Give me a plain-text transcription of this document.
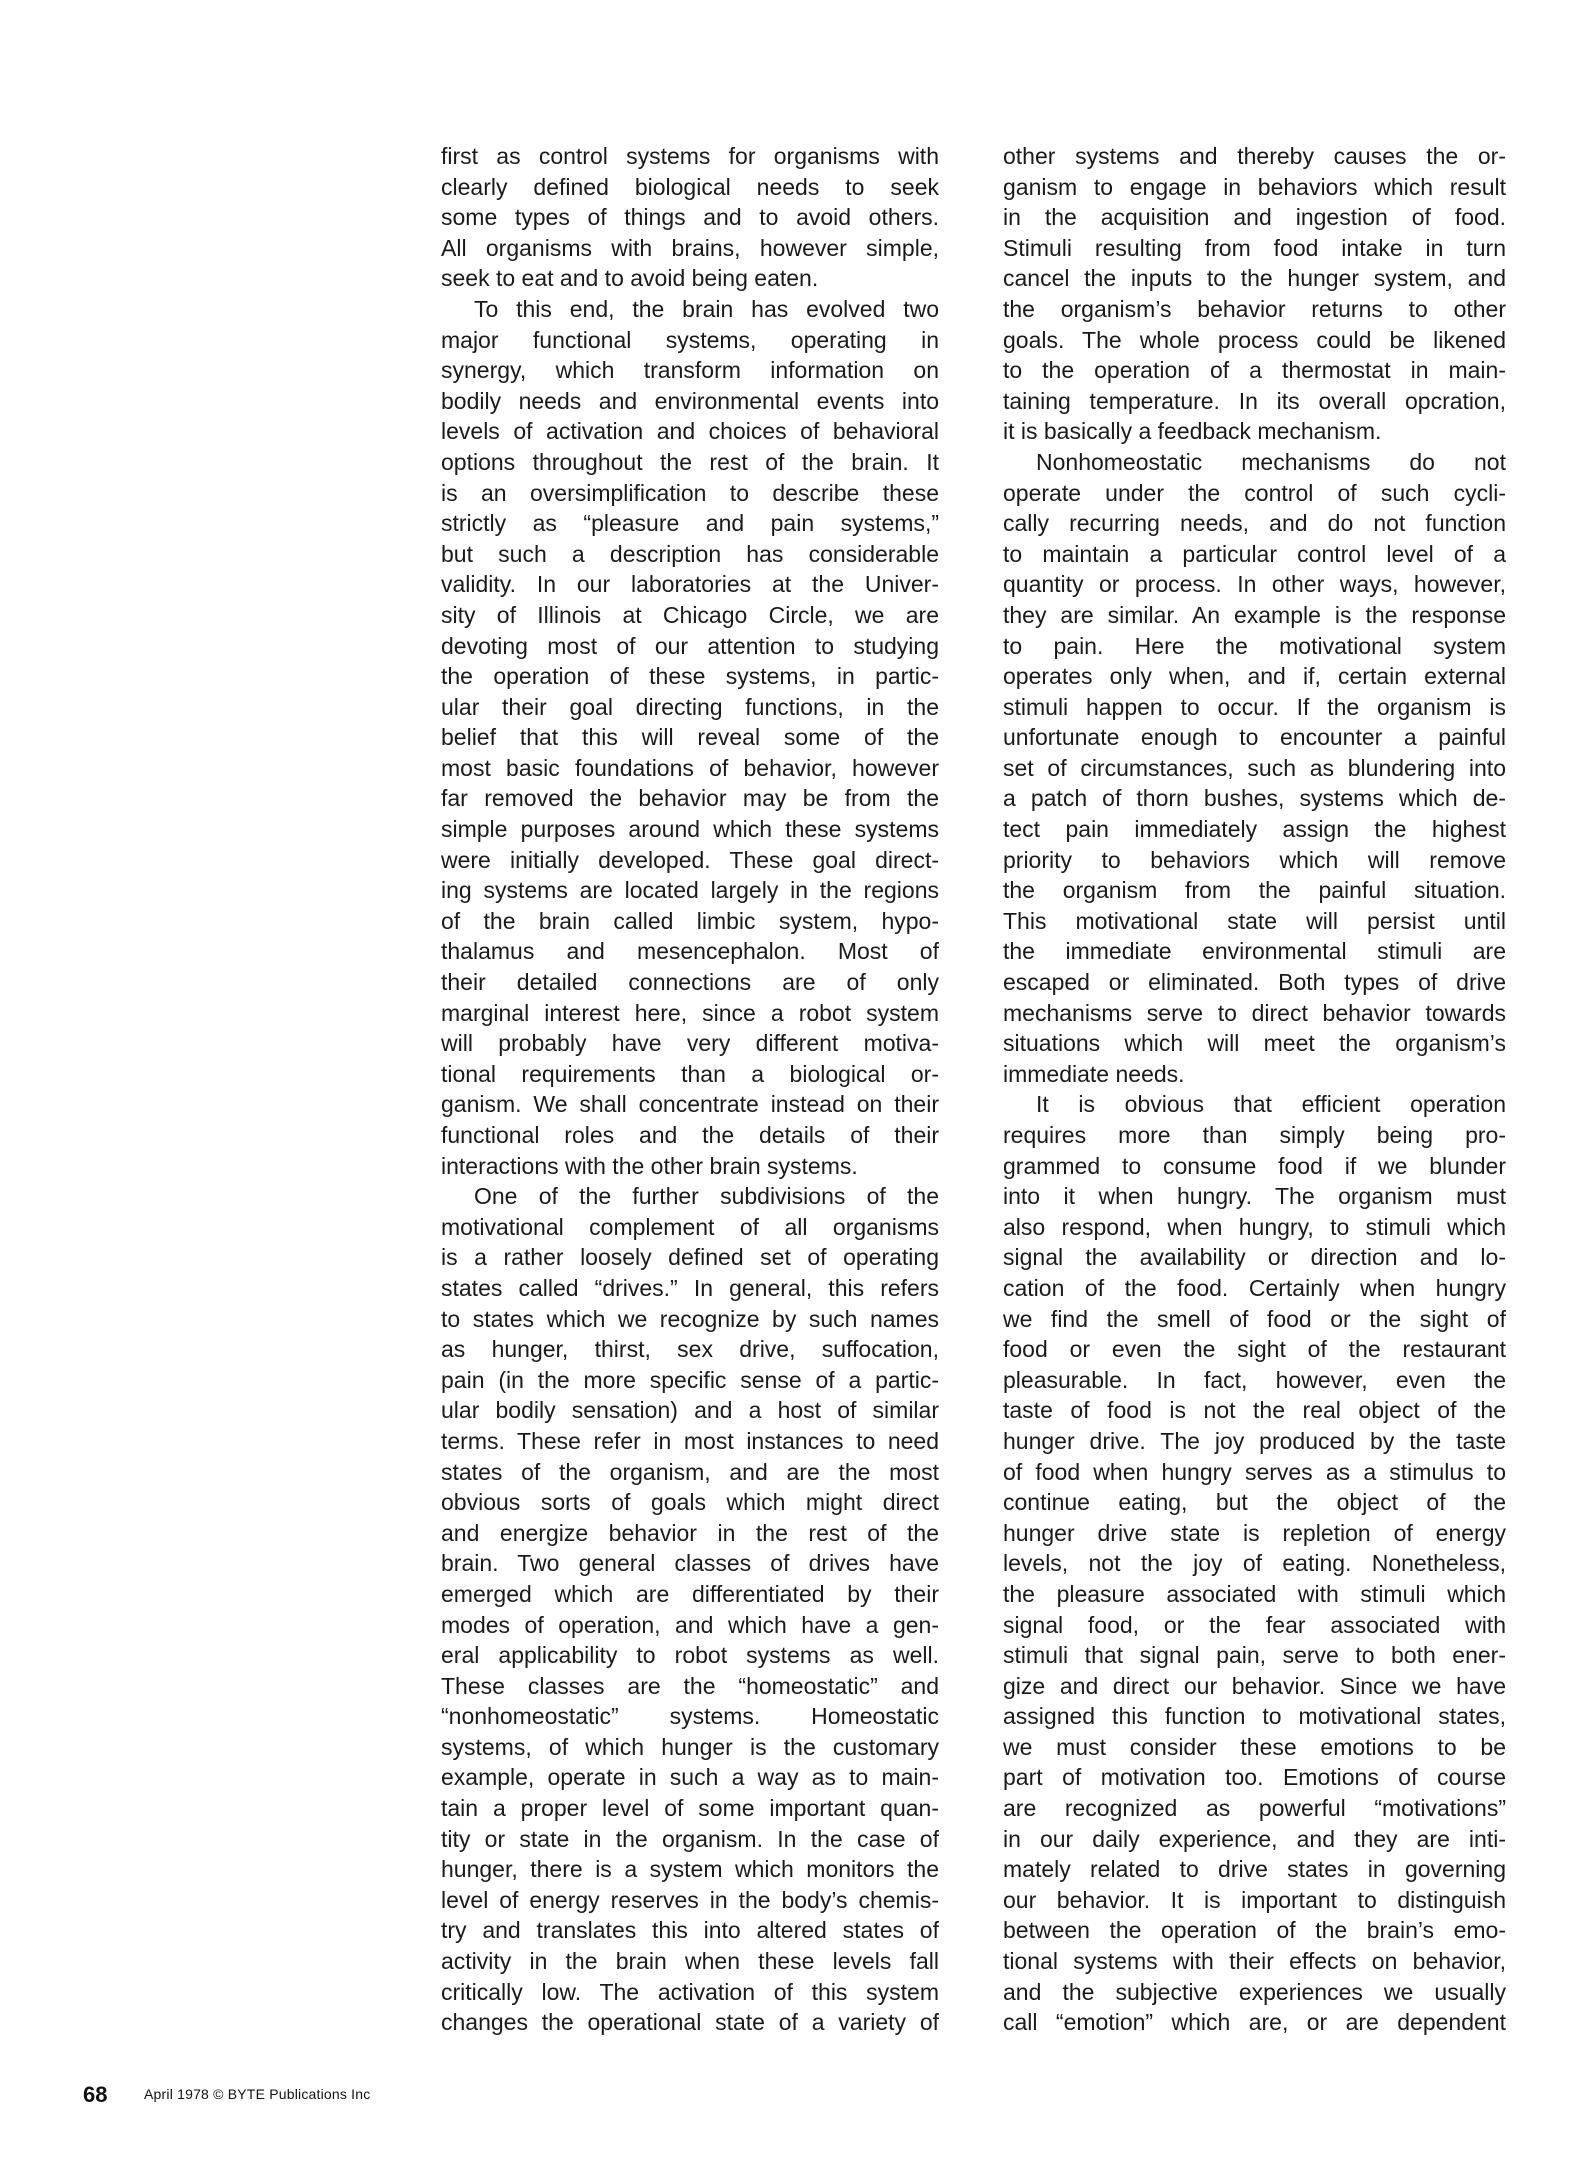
first as control systems for organisms with
clearly defined biological needs to seek
some types of things and to avoid others.
All organisms with brains, however simple,
seek to eat and to avoid being eaten.
To this end, the brain has evolved two
major functional systems, operating in
synergy, which transform information on
bodily needs and environmental events into
levels of activation and choices of behavioral
options throughout the rest of the brain. It
is an oversimplification to describe these
strictly as “pleasure and pain systems,”
but such a description has considerable
validity. In our laboratories at the Univer-
sity of Illinois at Chicago Circle, we are
devoting most of our attention to studying
the operation of these systems, in partic-
ular their goal directing functions, in the
belief that this will reveal some of the
most basic foundations of behavior, however
far removed the behavior may be from the
simple purposes around which these systems
were initially developed. These goal direct-
ing systems are located largely in the regions
of the brain called limbic system, hypo-
thalamus and mesencephalon. Most of
their detailed connections are of only
marginal interest here, since a robot system
will probably have very different motiva-
tional requirements than a biological or-
ganism. We shall concentrate instead on their
functional roles and the details of their
interactions with the other brain systems.
One of the further subdivisions of the
motivational complement of all organisms
is a rather loosely defined set of operating
states called “drives.” In general, this refers
to states which we recognize by such names
as hunger, thirst, sex drive, suffocation,
pain (in the more specific sense of a partic-
ular bodily sensation) and a host of similar
terms. These refer in most instances to need
states of the organism, and are the most
obvious sorts of goals which might direct
and energize behavior in the rest of the
brain. Two general classes of drives have
emerged which are differentiated by their
modes of operation, and which have a gen-
eral applicability to robot systems as well.
These classes are the “homeostatic” and
“nonhomeostatic” systems. Homeostatic
systems, of which hunger is the customary
example, operate in such a way as to main-
tain a proper level of some important quan-
tity or state in the organism. In the case of
hunger, there is a system which monitors the
level of energy reserves in the body’s chemis-
try and translates this into altered states of
activity in the brain when these levels fall
critically low. The activation of this system
changes the operational state of a variety of
other systems and thereby causes the or-
ganism to engage in behaviors which result
in the acquisition and ingestion of food.
Stimuli resulting from food intake in turn
cancel the inputs to the hunger system, and
the organism’s behavior returns to other
goals. The whole process could be likened
to the operation of a thermostat in main-
taining temperature. In its overall opcration,
it is basically a feedback mechanism.
Nonhomeostatic mechanisms do not
operate under the control of such cycli-
cally recurring needs, and do not function
to maintain a particular control level of a
quantity or process. In other ways, however,
they are similar. An example is the response
to pain. Here the motivational system
operates only when, and if, certain external
stimuli happen to occur. If the organism is
unfortunate enough to encounter a painful
set of circumstances, such as blundering into
a patch of thorn bushes, systems which de-
tect pain immediately assign the highest
priority to behaviors which will remove
the organism from the painful situation.
This motivational state will persist until
the immediate environmental stimuli are
escaped or eliminated. Both types of drive
mechanisms serve to direct behavior towards
situations which will meet the organism’s
immediate needs.
It is obvious that efficient operation
requires more than simply being pro-
grammed to consume food if we blunder
into it when hungry. The organism must
also respond, when hungry, to stimuli which
signal the availability or direction and lo-
cation of the food. Certainly when hungry
we find the smell of food or the sight of
food or even the sight of the restaurant
pleasurable. In fact, however, even the
taste of food is not the real object of the
hunger drive. The joy produced by the taste
of food when hungry serves as a stimulus to
continue eating, but the object of the
hunger drive state is repletion of energy
levels, not the joy of eating. Nonetheless,
the pleasure associated with stimuli which
signal food, or the fear associated with
stimuli that signal pain, serve to both ener-
gize and direct our behavior. Since we have
assigned this function to motivational states,
we must consider these emotions to be
part of motivation too. Emotions of course
are recognized as powerful “motivations”
in our daily experience, and they are inti-
mately related to drive states in governing
our behavior. It is important to distinguish
between the operation of the brain’s emo-
tional systems with their effects on behavior,
and the subjective experiences we usually
call “emotion” which are, or are dependent
68	April 1978 © BYTE Publications Inc
